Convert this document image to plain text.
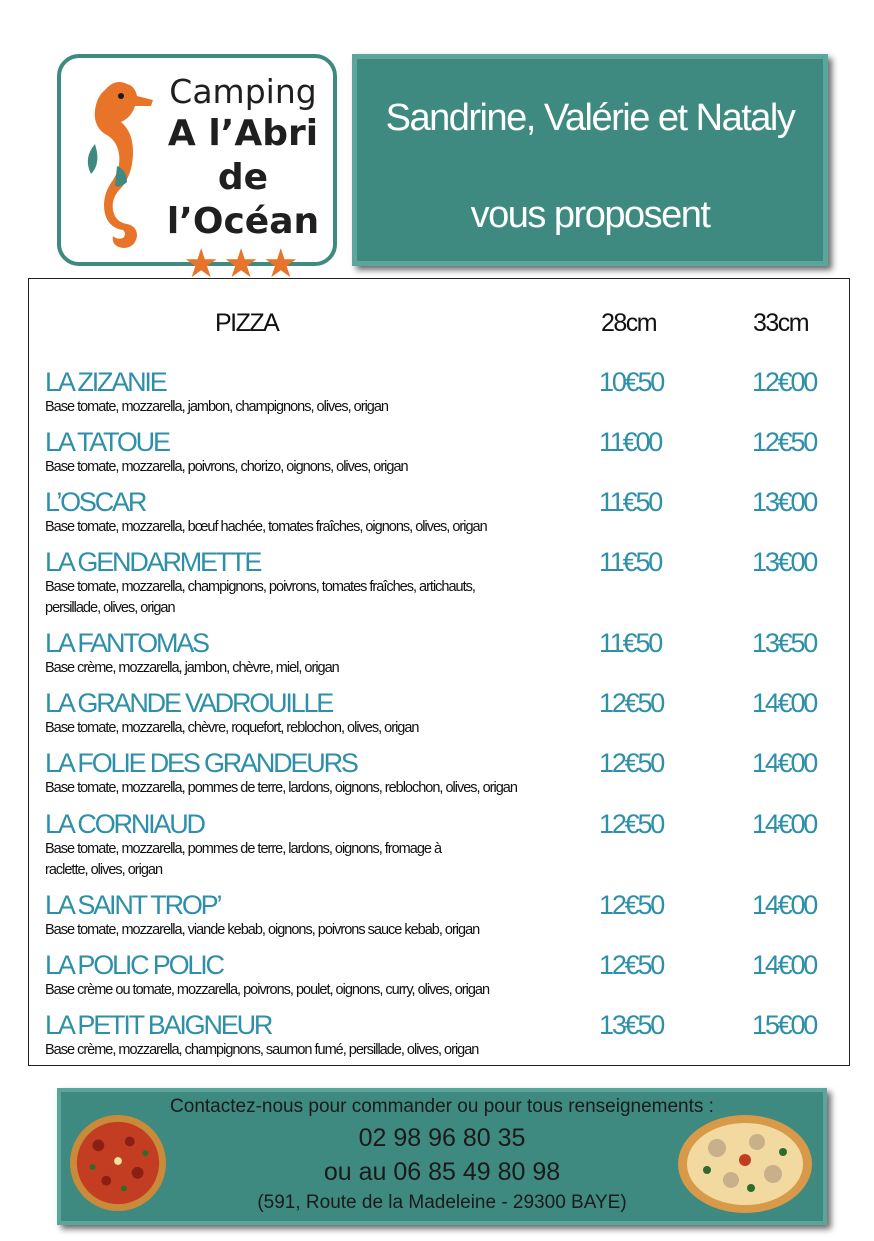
Camping
A l’Abri
de l’Océan
★★★
Sandrine, Valérie et Nataly
vous proposent
PIZZA	28cm	33cm
LA ZIZANIE
Base tomate, mozzarella, jambon, champignons, olives, origan
10€50	12€00
LA TATOUE
Base tomate, mozzarella, poivrons, chorizo, oignons, olives, origan
11€00	12€50
L’OSCAR
Base tomate, mozzarella, bœuf hachée, tomates fraîches, oignons, olives, origan
11€50	13€00
LA GENDARMETTE
Base tomate, mozzarella, champignons, poivrons, tomates fraîches, artichauts, persillade, olives, origan
11€50	13€00
LA FANTOMAS
Base crème, mozzarella, jambon, chèvre, miel, origan
11€50	13€50
LA GRANDE VADROUILLE
Base tomate, mozzarella, chèvre, roquefort, reblochon, olives, origan
12€50	14€00
LA FOLIE DES GRANDEURS
Base tomate, mozzarella, pommes de terre, lardons, oignons, reblochon, olives, origan
12€50	14€00
LA CORNIAUD
Base tomate, mozzarella, pommes de terre, lardons, oignons, fromage à raclette, olives, origan
12€50	14€00
LA SAINT TROP’
Base tomate, mozzarella, viande kebab, oignons, poivrons sauce kebab, origan
12€50	14€00
LA POLIC POLIC
Base crème ou tomate, mozzarella, poivrons, poulet, oignons, curry, olives, origan
12€50	14€00
LA PETIT BAIGNEUR
Base crème, mozzarella, champignons, saumon fumé, persillade, olives, origan
13€50	15€00
Contactez-nous pour commander ou pour tous renseignements :
02 98 96 80 35
ou au 06 85 49 80 98
(591, Route de la Madeleine - 29300 BAYE)
